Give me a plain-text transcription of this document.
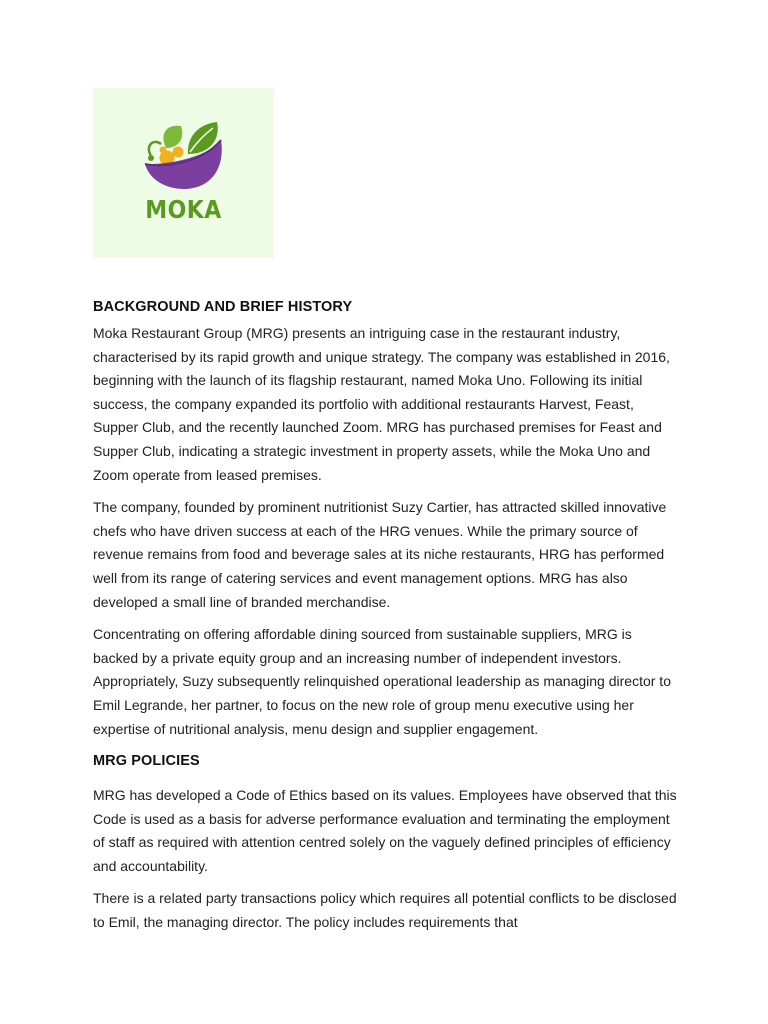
MOKA
BACKGROUND AND BRIEF HISTORY

Moka Restaurant Group (MRG) presents an intriguing case in the restaurant industry, characterised by its rapid growth and unique strategy. The company was established in 2016, beginning with the launch of its flagship restaurant, named Moka Uno. Following its initial success, the company expanded its portfolio with additional restaurants Harvest, Feast, Supper Club, and the recently launched Zoom. MRG has purchased premises for Feast and Supper Club, indicating a strategic investment in property assets, while the Moka Uno and Zoom operate from leased premises.

The company, founded by prominent nutritionist Suzy Cartier, has attracted skilled innovative chefs who have driven success at each of the HRG venues. While the primary source of revenue remains from food and beverage sales at its niche restaurants, HRG has performed well from its range of catering services and event management options. MRG has also developed a small line of branded merchandise.

Concentrating on offering affordable dining sourced from sustainable suppliers, MRG is backed by a private equity group and an increasing number of independent investors. Appropriately, Suzy subsequently relinquished operational leadership as managing director to Emil Legrande, her partner, to focus on the new role of group menu executive using her expertise of nutritional analysis, menu design and supplier engagement.

MRG POLICIES

MRG has developed a Code of Ethics based on its values. Employees have observed that this Code is used as a basis for adverse performance evaluation and terminating the employment of staff as required with attention centred solely on the vaguely defined principles of efficiency and accountability.

There is a related party transactions policy which requires all potential conflicts to be disclosed to Emil, the managing director. The policy includes requirements that
